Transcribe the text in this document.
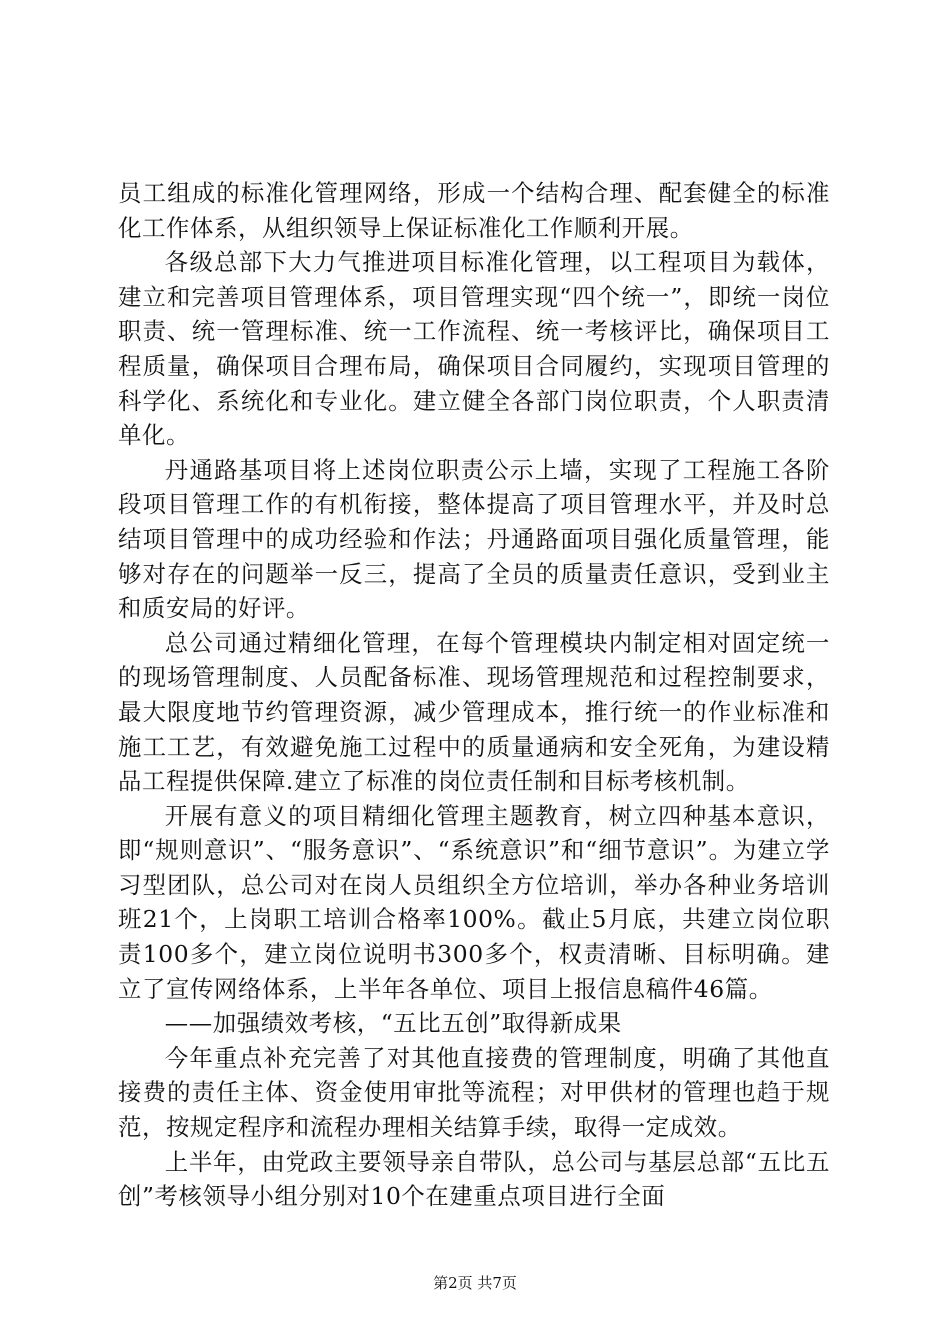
员工组成的标准化管理网络，形成一个结构合理、配套健全的标准化工作体系，从组织领导上保证标准化工作顺利开展。

各级总部下大力气推进项目标准化管理，以工程项目为载体，建立和完善项目管理体系，项目管理实现“四个统一”，即统一岗位职责、统一管理标准、统一工作流程、统一考核评比，确保项目工程质量，确保项目合理布局，确保项目合同履约，实现项目管理的科学化、系统化和专业化。建立健全各部门岗位职责，个人职责清单化。

丹通路基项目将上述岗位职责公示上墙，实现了工程施工各阶段项目管理工作的有机衔接，整体提高了项目管理水平，并及时总结项目管理中的成功经验和作法；丹通路面项目强化质量管理，能够对存在的问题举一反三，提高了全员的质量责任意识，受到业主和质安局的好评。

总公司通过精细化管理，在每个管理模块内制定相对固定统一的现场管理制度、人员配备标准、现场管理规范和过程控制要求，最大限度地节约管理资源，减少管理成本，推行统一的作业标准和施工工艺，有效避免施工过程中的质量通病和安全死角，为建设精品工程提供保障.建立了标准的岗位责任制和目标考核机制。

开展有意义的项目精细化管理主题教育，树立四种基本意识，即“规则意识”、“服务意识”、“系统意识”和“细节意识”。为建立学习型团队，总公司对在岗人员组织全方位培训，举办各种业务培训班21个，上岗职工培训合格率100%。截止5月底，共建立岗位职责100多个，建立岗位说明书300多个，权责清晰、目标明确。建立了宣传网络体系，上半年各单位、项目上报信息稿件46篇。

——加强绩效考核，“五比五创”取得新成果

今年重点补充完善了对其他直接费的管理制度，明确了其他直接费的责任主体、资金使用审批等流程；对甲供材的管理也趋于规范，按规定程序和流程办理相关结算手续，取得一定成效。

上半年，由党政主要领导亲自带队，总公司与基层总部“五比五创”考核领导小组分别对10个在建重点项目进行全面

第2页 共7页
